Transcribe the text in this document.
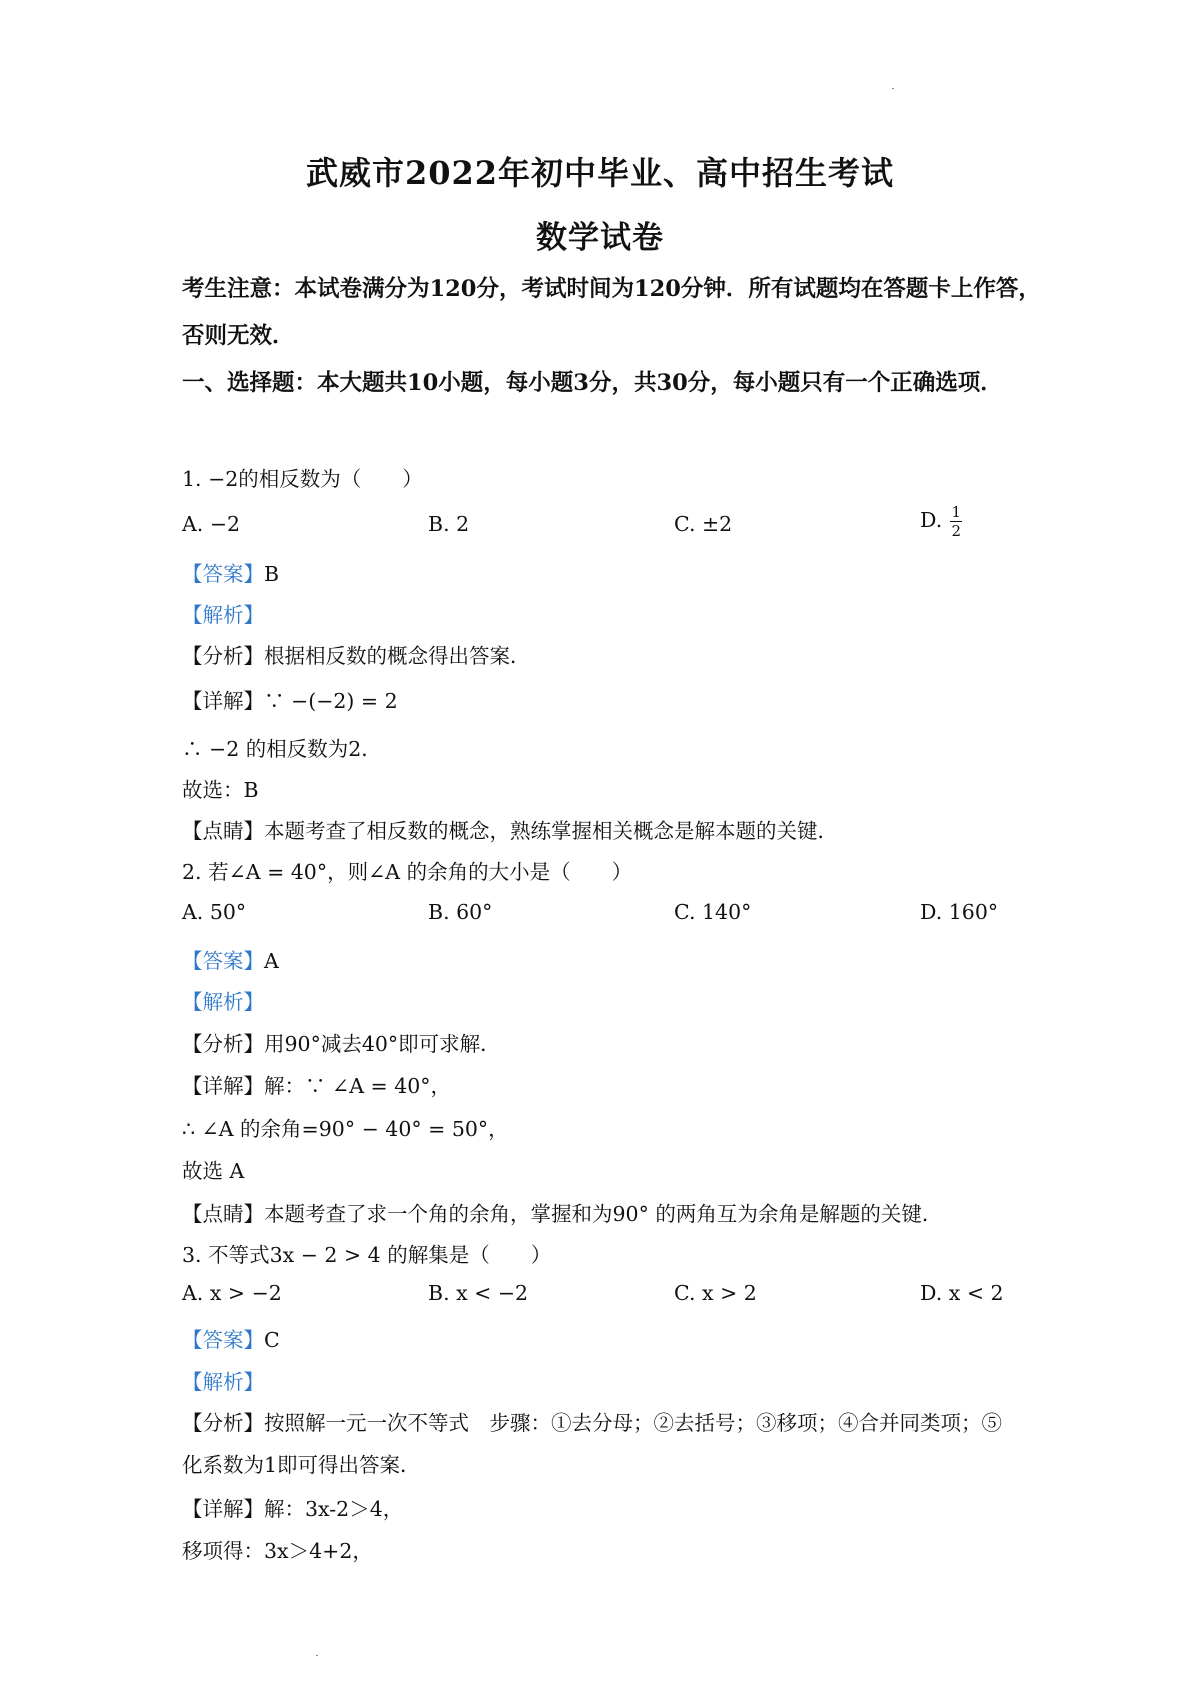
武威市2022年初中毕业、高中招生考试
数学试卷
考生注意：本试卷满分为120分，考试时间为120分钟．所有试题均在答题卡上作答，否则无效．
一、选择题：本大题共10小题，每小题3分，共30分，每小题只有一个正确选项．
1. −2的相反数为（　　）
A. −2	B. 2	C. ±2	D. $\frac{1}{2}$
【答案】B
【解析】
【分析】根据相反数的概念得出答案．
【详解】∵ −(−2) = 2
∴ −2 的相反数为2．
故选：B
【点睛】本题考查了相反数的概念，熟练掌握相关概念是解本题的关键．
2. 若∠A = 40°，则∠A 的余角的大小是（　　）
A. 50°	B. 60°	C. 140°	D. 160°
【答案】A
【解析】
【分析】用90°减去40°即可求解．
【详解】解：∵ ∠A = 40°，
∴ ∠A 的余角=90° − 40° = 50°，
故选 A
【点睛】本题考查了求一个角的余角，掌握和为90° 的两角互为余角是解题的关键．
3. 不等式3x − 2 > 4 的解集是（　　）
A. x > −2	B. x < −2	C. x > 2	D. x < 2
【答案】C
【解析】
【分析】按照解一元一次不等式　步骤：①去分母；②去括号；③移项；④合并同类项；⑤
化系数为1即可得出答案．
【详解】解：3x-2＞4，
移项得：3x＞4+2，
